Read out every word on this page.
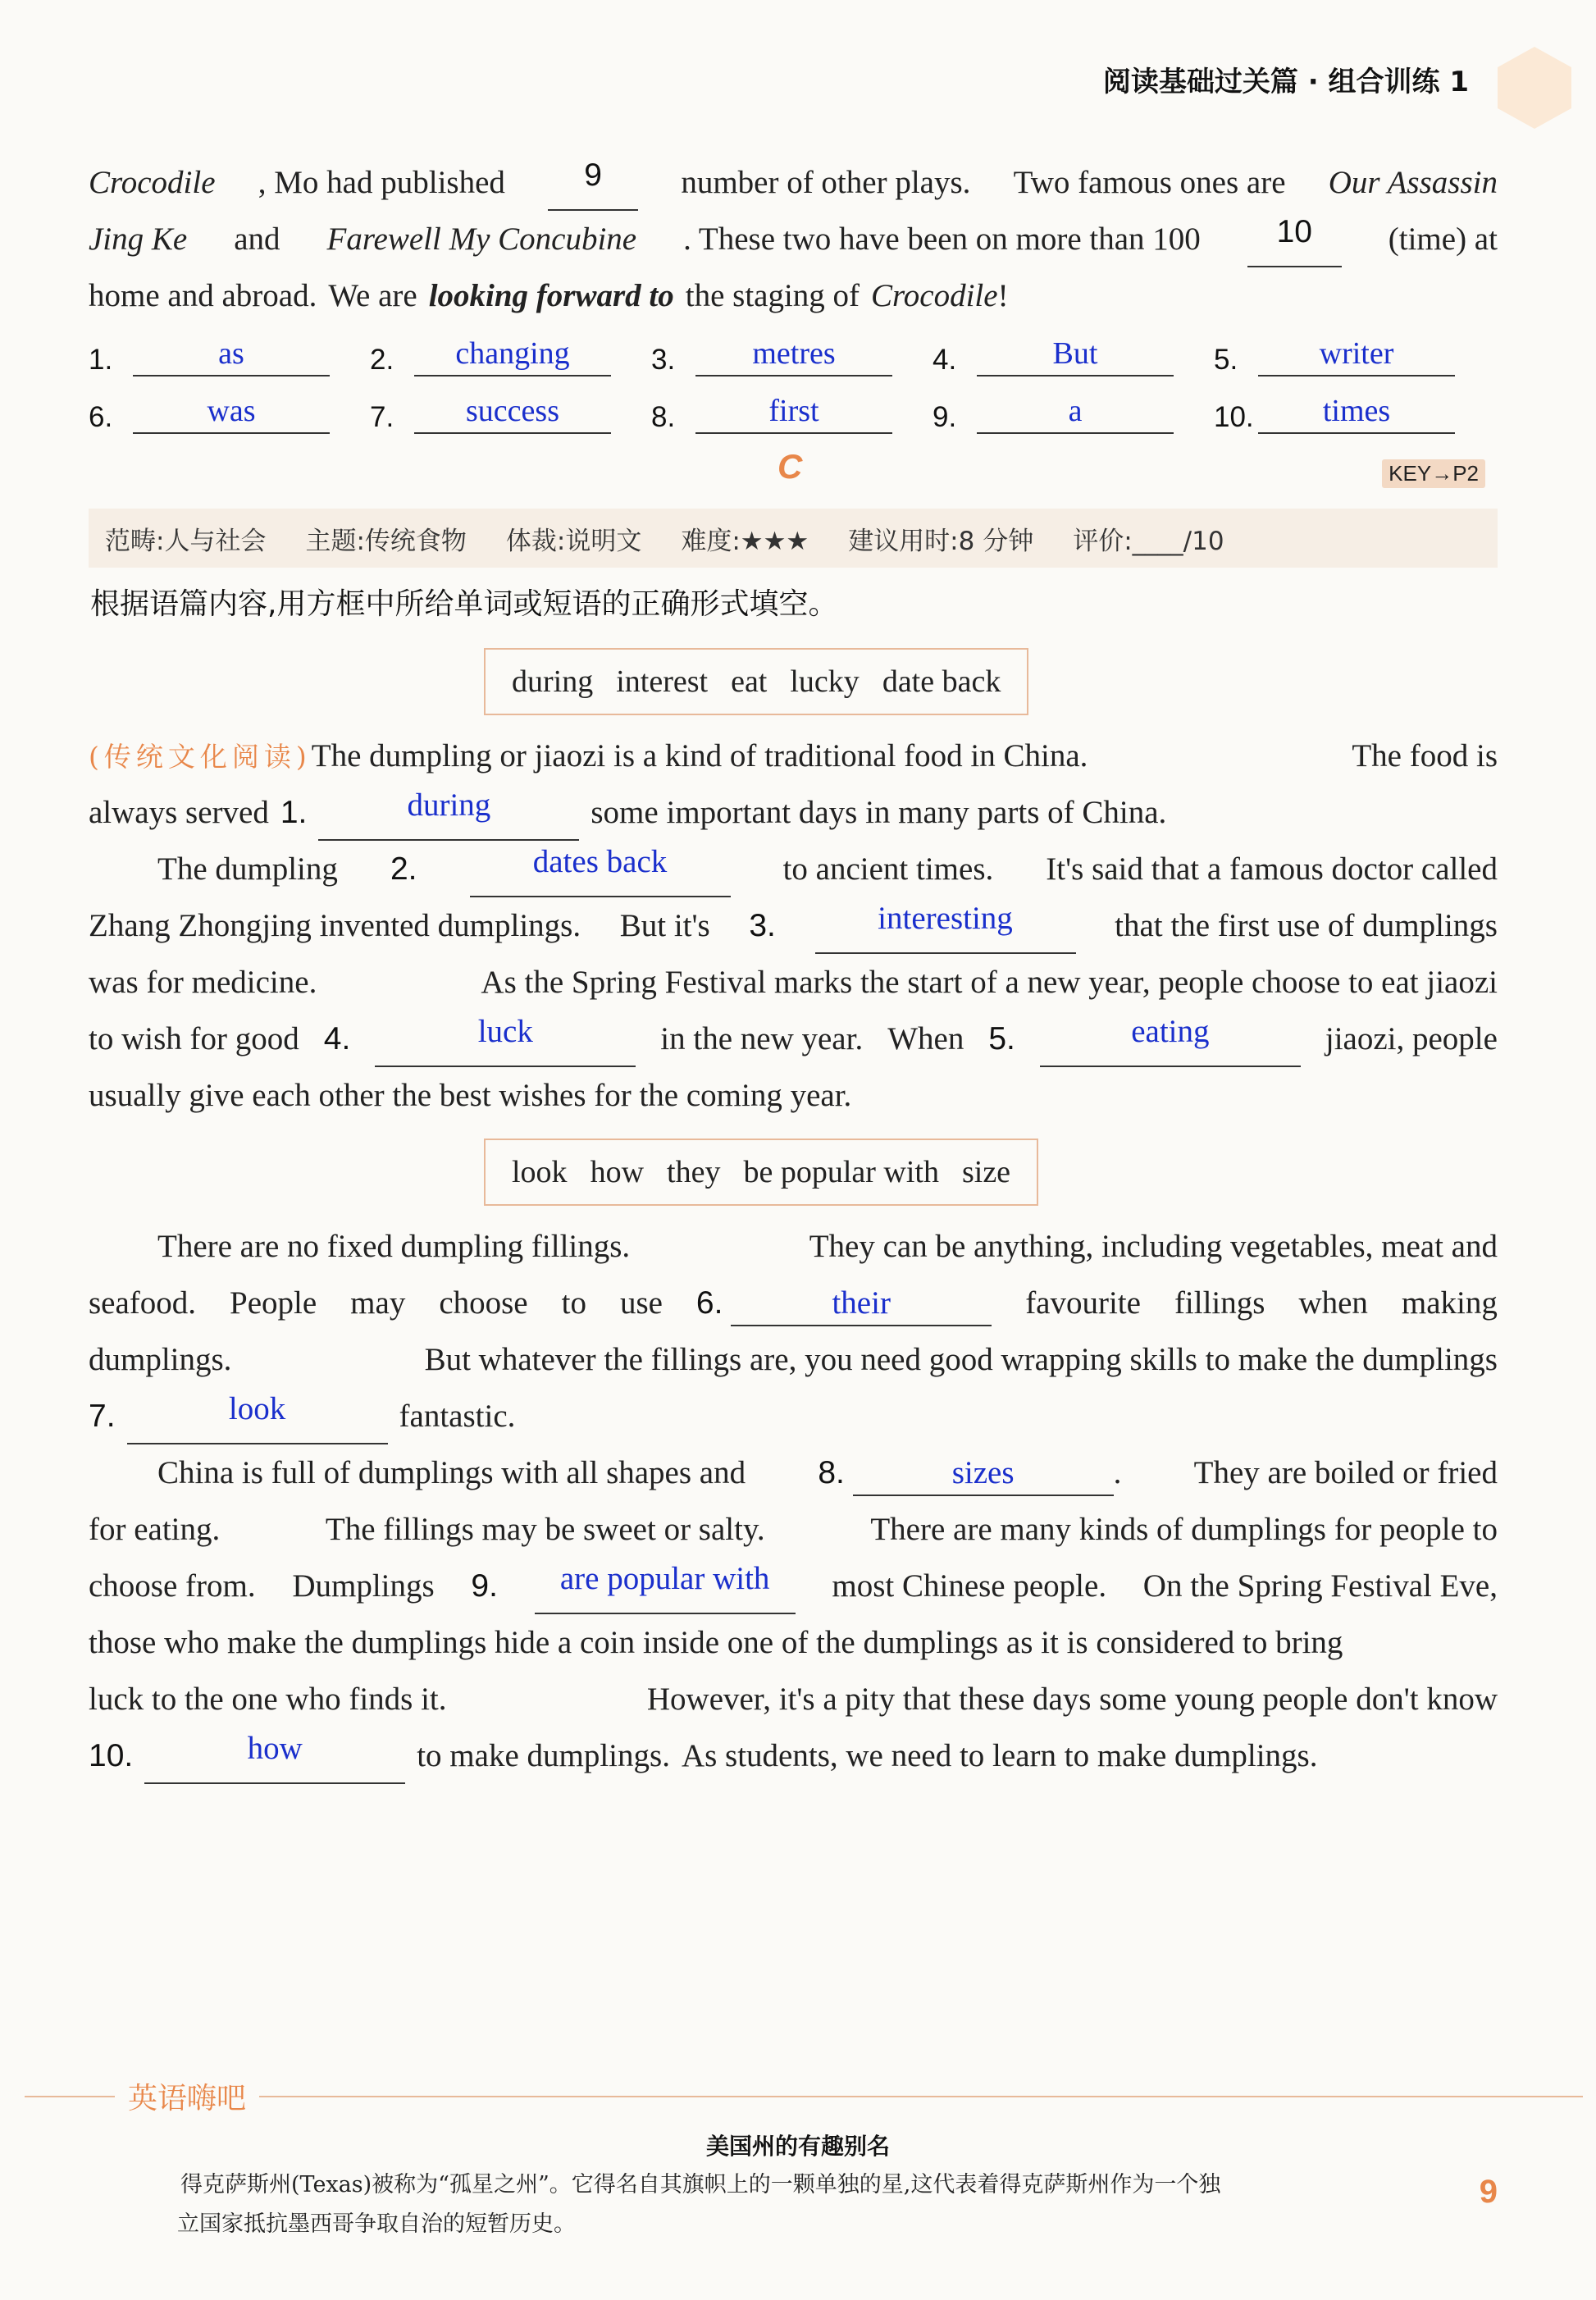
阅读基础过关篇 · 组合训练 1
Crocodile , Mo had published	9	number of other plays. Two famous ones are Our Assassin
Jing Ke and Farewell My Concubine . These two have been on more than 100	10	(time) at
home and abroad. We are looking forward to the staging of Crocodile !
1.	as	2.	changing	3.	metres	4.	But	5.	writer
6.	was	7.	success	8.	first	9.	a	10.	times
C	KEY→P2
范畴:人与社会 主题:传统食物 体裁:说明文 难度:★★★ 建议用时:8 分钟 评价:____/10
根据语篇内容,用方框中所给单词或短语的正确形式填空。
during interest eat lucky date back
(传统文化阅读)The dumpling or jiaozi is a kind of traditional food in China.	The food is
always served 1.	during	some important days in many parts of China.
The dumpling 2.	dates back	to ancient times. It's said that a famous doctor called
Zhang Zhongjing invented dumplings. But it's 3.	interesting	that the first use of dumplings
was for medicine.	As the Spring Festival marks the start of a new year, people choose to eat jiaozi
to wish for good 4.	luck	in the new year. When 5.	eating	jiaozi, people
usually give each other the best wishes for the coming year.
look how they be popular with size
There are no fixed dumpling fillings.	They can be anything, including vegetables, meat and
seafood. People may choose to use 6.	their	favourite fillings when making
dumplings.	But whatever the fillings are, you need good wrapping skills to make the dumplings
7.	look	fantastic.
China is full of dumplings with all shapes and 8.	sizes	. They are boiled or fried
for eating.	The fillings may be sweet or salty.	There are many kinds of dumplings for people to
choose from. Dumplings 9.	are popular with	most Chinese people. On the Spring Festival Eve,
those who make the dumplings hide a coin inside one of the dumplings as it is considered to bring
luck to the one who finds it.	However, it's a pity that these days some young people don't know
10.	how	to make dumplings. As students, we need to learn to make dumplings.
英语嗨吧
美国州的有趣别名
得克萨斯州(Texas)被称为“孤星之州”。它得名自其旗帜上的一颗单独的星,这代表着得克萨斯州作为一个独
立国家抵抗墨西哥争取自治的短暂历史。
9
